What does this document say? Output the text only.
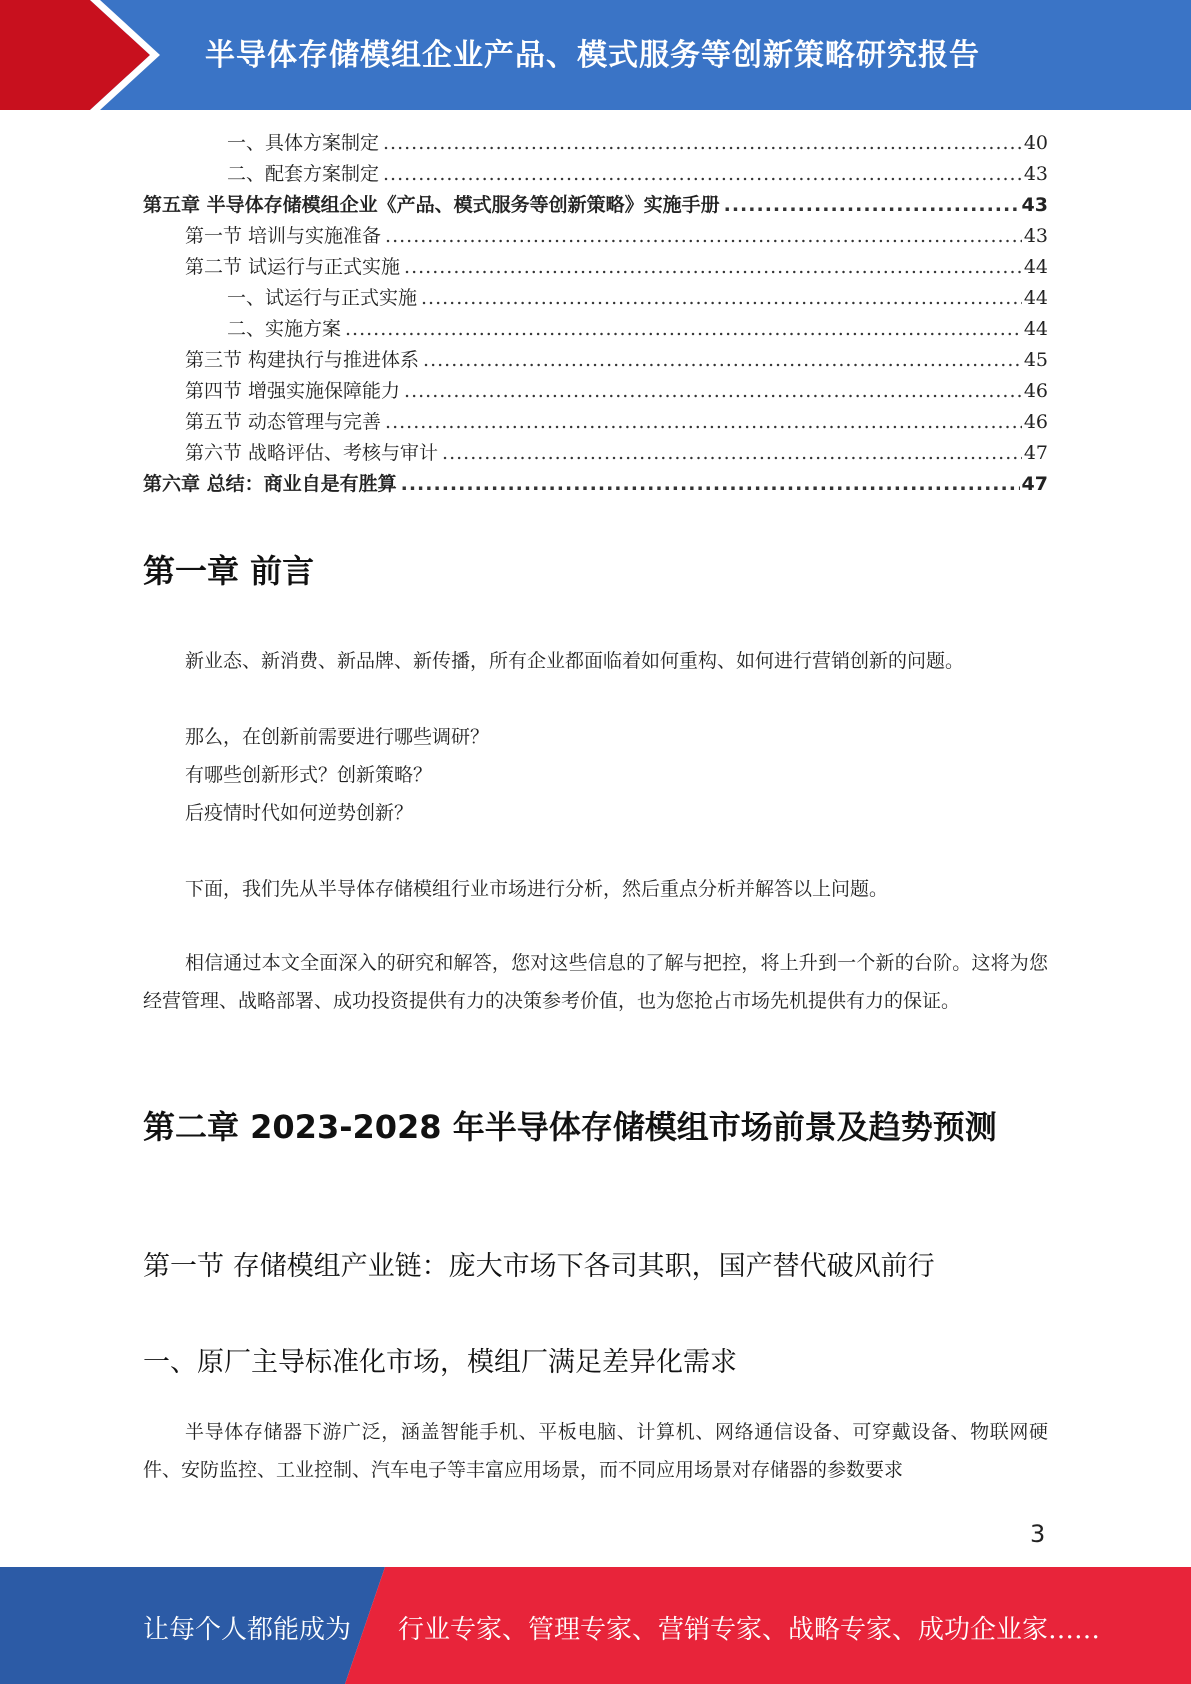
半导体存储模组企业产品、模式服务等创新策略研究报告
一、具体方案制定 .....	40
二、配套方案制定 .....	43
第五章 半导体存储模组企业《产品、模式服务等创新策略》实施手册 .....	43
第一节 培训与实施准备 .....	43
第二节 试运行与正式实施 .....	44
一、试运行与正式实施 .....	44
二、实施方案 .....	44
第三节 构建执行与推进体系 .....	45
第四节 增强实施保障能力 .....	46
第五节 动态管理与完善 .....	46
第六节 战略评估、考核与审计 .....	47
第六章 总结：商业自是有胜算 .....	47
第一章 前言
新业态、新消费、新品牌、新传播，所有企业都面临着如何重构、如何进行营销创新的问题。
那么，在创新前需要进行哪些调研？
有哪些创新形式？创新策略？
后疫情时代如何逆势创新？
下面，我们先从半导体存储模组行业市场进行分析，然后重点分析并解答以上问题。
相信通过本文全面深入的研究和解答，您对这些信息的了解与把控，将上升到一个新的台阶。这将为您经营管理、战略部署、成功投资提供有力的决策参考价值，也为您抢占市场先机提供有力的保证。
第二章 2023-2028 年半导体存储模组市场前景及趋势预测
第一节 存储模组产业链：庞大市场下各司其职，国产替代破风前行
一、原厂主导标准化市场，模组厂满足差异化需求
半导体存储器下游广泛，涵盖智能手机、平板电脑、计算机、网络通信设备、可穿戴设备、物联网硬件、安防监控、工业控制、汽车电子等丰富应用场景，而不同应用场景对存储器的参数要求
3
让每个人都能成为 行业专家、管理专家、营销专家、战略专家、成功企业家……
